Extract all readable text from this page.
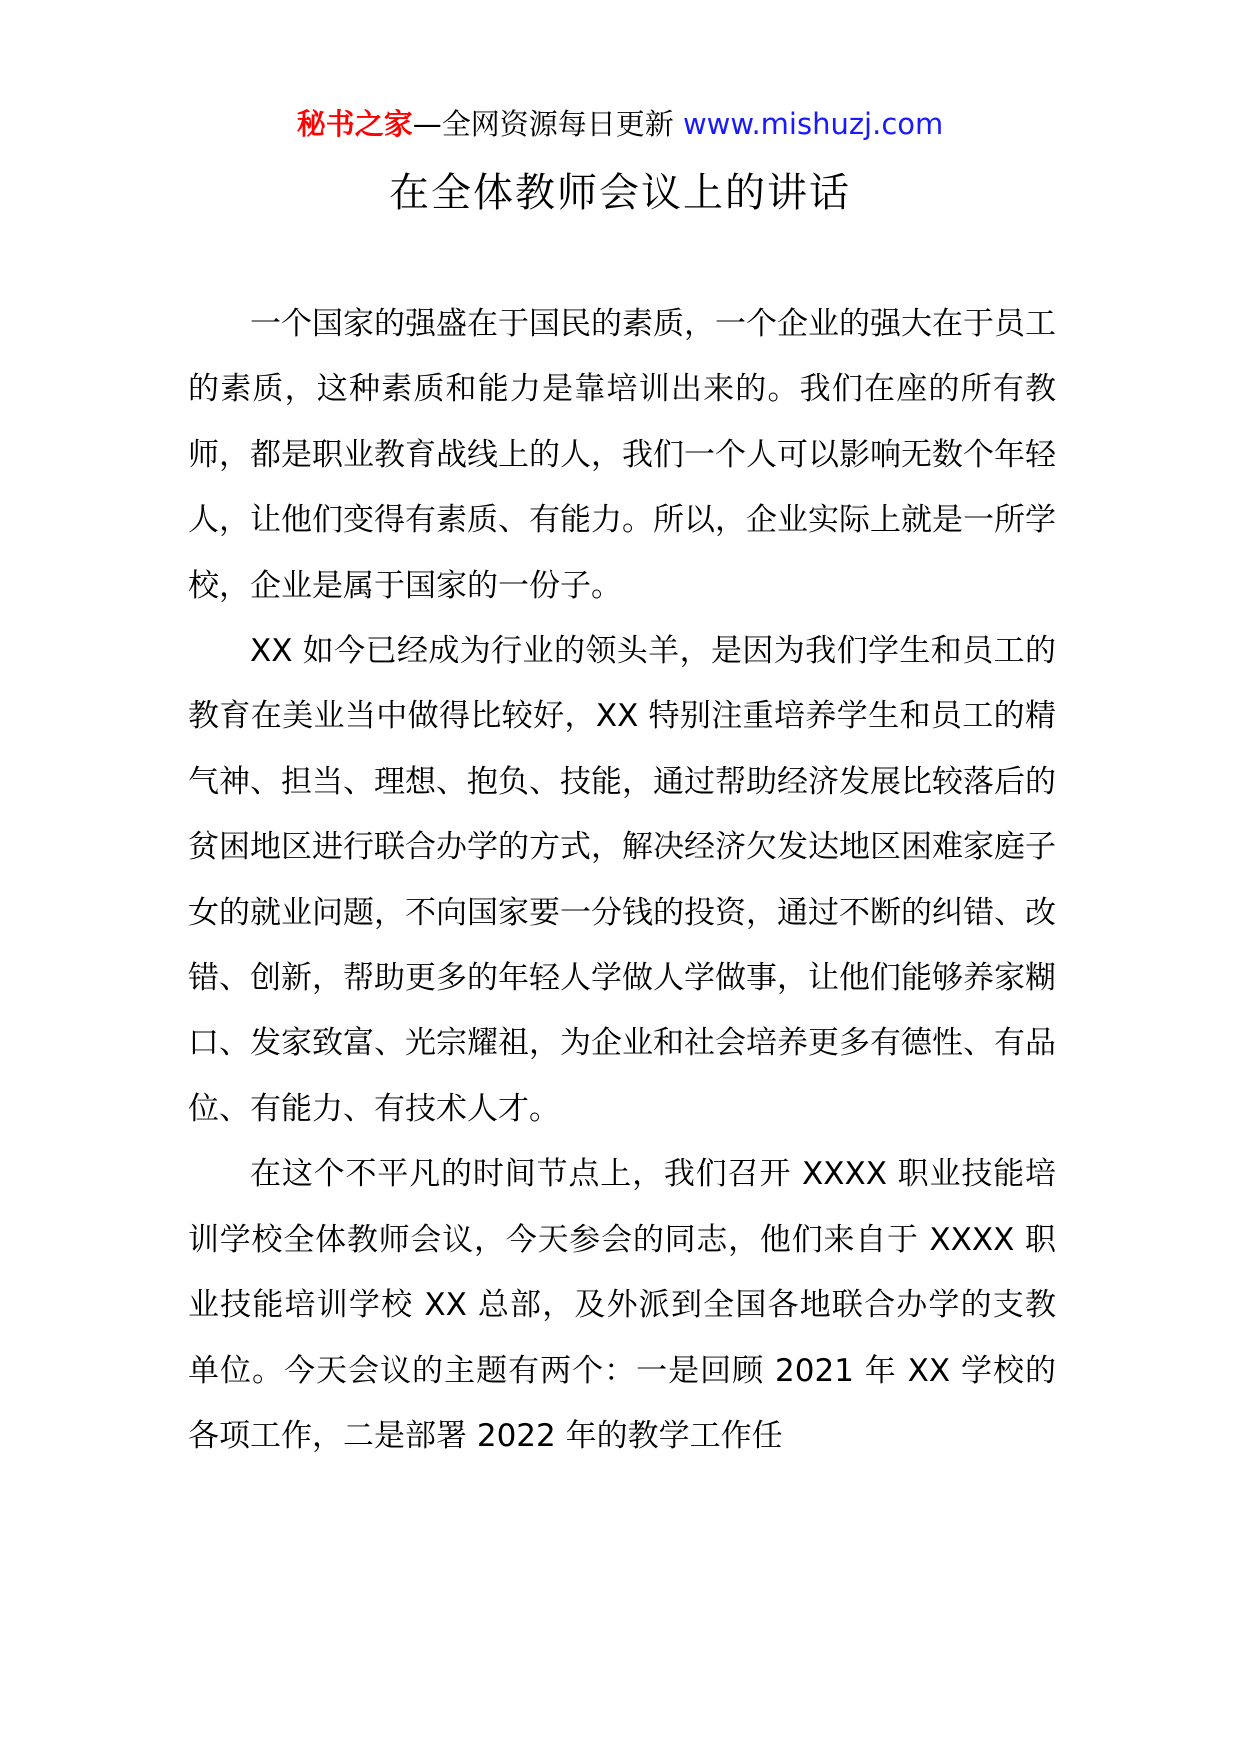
秘书之家—全网资源每日更新 www.mishuzj.com
在全体教师会议上的讲话

一个国家的强盛在于国民的素质，一个企业的强大在于员工的素质，这种素质和能力是靠培训出来的。我们在座的所有教师，都是职业教育战线上的人，我们一个人可以影响无数个年轻人，让他们变得有素质、有能力。所以，企业实际上就是一所学校，企业是属于国家的一份子。

XX 如今已经成为行业的领头羊，是因为我们学生和员工的教育在美业当中做得比较好，XX 特别注重培养学生和员工的精气神、担当、理想、抱负、技能，通过帮助经济发展比较落后的贫困地区进行联合办学的方式，解决经济欠发达地区困难家庭子女的就业问题，不向国家要一分钱的投资，通过不断的纠错、改错、创新，帮助更多的年轻人学做人学做事，让他们能够养家糊口、发家致富、光宗耀祖，为企业和社会培养更多有德性、有品位、有能力、有技术人才。

在这个不平凡的时间节点上，我们召开 XXXX 职业技能培训学校全体教师会议，今天参会的同志，他们来自于 XXXX 职业技能培训学校 XX 总部，及外派到全国各地联合办学的支教单位。今天会议的主题有两个：一是回顾 2021 年 XX 学校的各项工作，二是部署 2022 年的教学工作任
